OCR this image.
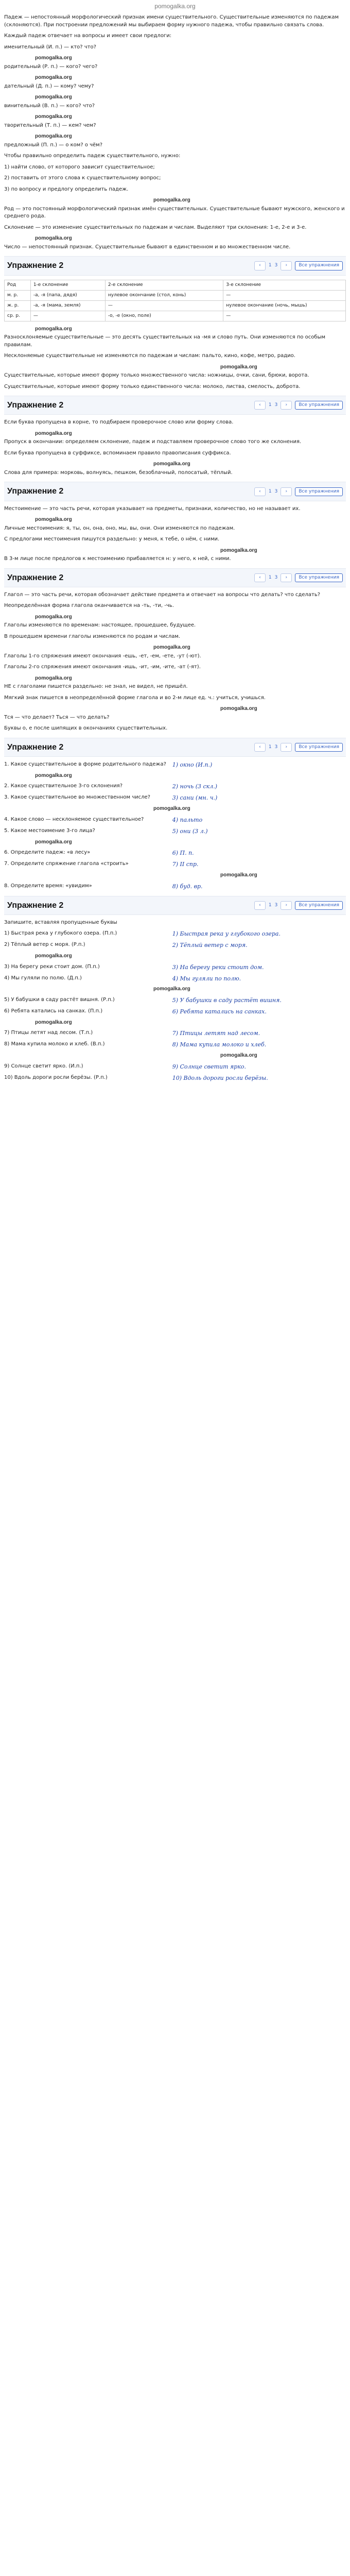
pomogalka.org

Падеж — непостоянный морфологический признак имени существительного. Существительные изменяются по падежам (склоняются). При построении предложений мы выбираем форму нужного падежа, чтобы правильно связать слова.

Каждый падеж отвечает на вопросы и имеет свои предлоги:

именительный (И. п.) — кто? что?

pomogalka.org

родительный (Р. п.) — кого? чего?

pomogalka.org

дательный (Д. п.) — кому? чему?

pomogalka.org

винительный (В. п.) — кого? что?

pomogalka.org

творительный (Т. п.) — кем? чем?

pomogalka.org

предложный (П. п.) — о ком? о чём?

Чтобы правильно определить падеж существительного, нужно:

1) найти слово, от которого зависит существительное;

2) поставить от этого слова к существительному вопрос;

3) по вопросу и предлогу определить падеж.

pomogalka.org

Род — это постоянный морфологический признак имён существительных. Существительные бывают мужского, женского и среднего рода.

Склонение — это изменение существительных по падежам и числам. Выделяют три склонения: 1-е, 2-е и 3-е.

pomogalka.org

Число — непостоянный признак. Существительные бывают в единственном и во множественном числе.

Упражнение 2	‹	1 3	›	Все упражнения
Род	1-е склонение	2-е склонение	3-е склонение
м. р.	-а, -я (папа, дядя)	нулевое окончание (стол, конь)	—
ж. р.	-а, -я (мама, земля)	—	нулевое окончание (ночь, мышь)
ср. р.	—	-о, -е (окно, поле)	—
pomogalka.org

Разносклоняемые существительные — это десять существительных на -мя и слово путь. Они изменяются по особым правилам.

Несклоняемые существительные не изменяются по падежам и числам: пальто, кино, кофе, метро, радио.

pomogalka.org

Существительные, которые имеют форму только множественного числа: ножницы, очки, сани, брюки, ворота.

Существительные, которые имеют форму только единственного числа: молоко, листва, смелость, доброта.

Упражнение 2	‹	1 3	›	Все упражнения

Если буква пропущена в корне, то подбираем проверочное слово или форму слова.

pomogalka.org

Пропуск в окончании: определяем склонение, падеж и подставляем проверочное слово того же склонения.

Если буква пропущена в суффиксе, вспоминаем правило правописания суффикса.

pomogalka.org

Слова для примера: морковь, волнуясь, пешком, безоблачный, полосатый, тёплый.

Упражнение 2	‹	1 3	›	Все упражнения

Местоимение — это часть речи, которая указывает на предметы, признаки, количество, но не называет их.

pomogalka.org

Личные местоимения: я, ты, он, она, оно, мы, вы, они. Они изменяются по падежам.

С предлогами местоимения пишутся раздельно: у меня, к тебе, о нём, с ними.

pomogalka.org

В 3-м лице после предлогов к местоимению прибавляется н: у него, к ней, с ними.

Упражнение 2	‹	1 3	›	Все упражнения

Глагол — это часть речи, которая обозначает действие предмета и отвечает на вопросы что делать? что сделать?

Неопределённая форма глагола оканчивается на -ть, -ти, -чь.

pomogalka.org

Глаголы изменяются по временам: настоящее, прошедшее, будущее.

В прошедшем времени глаголы изменяются по родам и числам.

pomogalka.org

Глаголы 1-го спряжения имеют окончания -ешь, -ет, -ем, -ете, -ут (-ют).

Глаголы 2-го спряжения имеют окончания -ишь, -ит, -им, -ите, -ат (-ят).

pomogalka.org

НЕ с глаголами пишется раздельно: не знал, не видел, не пришёл.

Мягкий знак пишется в неопределённой форме глагола и во 2-м лице ед. ч.: учиться, учишься.

pomogalka.org

Тся — что делает? Ться — что делать?

Буквы о, е после шипящих в окончаниях существительных.

Упражнение 2	‹	1 3	›	Все упражнения
1. Какое существительное в форме родительного падежа?	1) окно (И.п.)
pomogalka.org
2. Какое существительное 3-го склонения?	2) ночь (3 скл.)
3. Какое существительное во множественном числе?	3) сани (мн. ч.)
pomogalka.org
4. Какое слово — несклоняемое существительное?	4) пальто
5. Какое местоимение 3-го лица?	5) они (3 л.)
pomogalka.org
6. Определите падеж: «в лесу»	6) П. п.
7. Определите спряжение глагола «строить»	7) II спр.
pomogalka.org
8. Определите время: «увидим»	8) буд. вр.
Упражнение 2	‹	1 3	›	Все упражнения

Запишите, вставляя пропущенные буквы

1) Быстрая река у глубокого озера. (П.п.)	1) Быстрая река у глубокого озера.
2) Тёплый ветер с моря. (Р.п.)	2) Тёплый ветер с моря.
pomogalka.org
3) На берегу реки стоит дом. (П.п.)	3) На берегу реки стоит дом.
4) Мы гуляли по полю. (Д.п.)	4) Мы гуляли по полю.
pomogalka.org
5) У бабушки в саду растёт вишня. (Р.п.)	5) У бабушки в саду растёт вишня.
6) Ребята катались на санках. (П.п.)	6) Ребята катались на санках.
pomogalka.org
7) Птицы летят над лесом. (Т.п.)	7) Птицы летят над лесом.
8) Мама купила молоко и хлеб. (В.п.)	8) Мама купила молоко и хлеб.
pomogalka.org
9) Солнце светит ярко. (И.п.)	9) Солнце светит ярко.
10) Вдоль дороги росли берёзы. (Р.п.)	10) Вдоль дороги росли берёзы.
